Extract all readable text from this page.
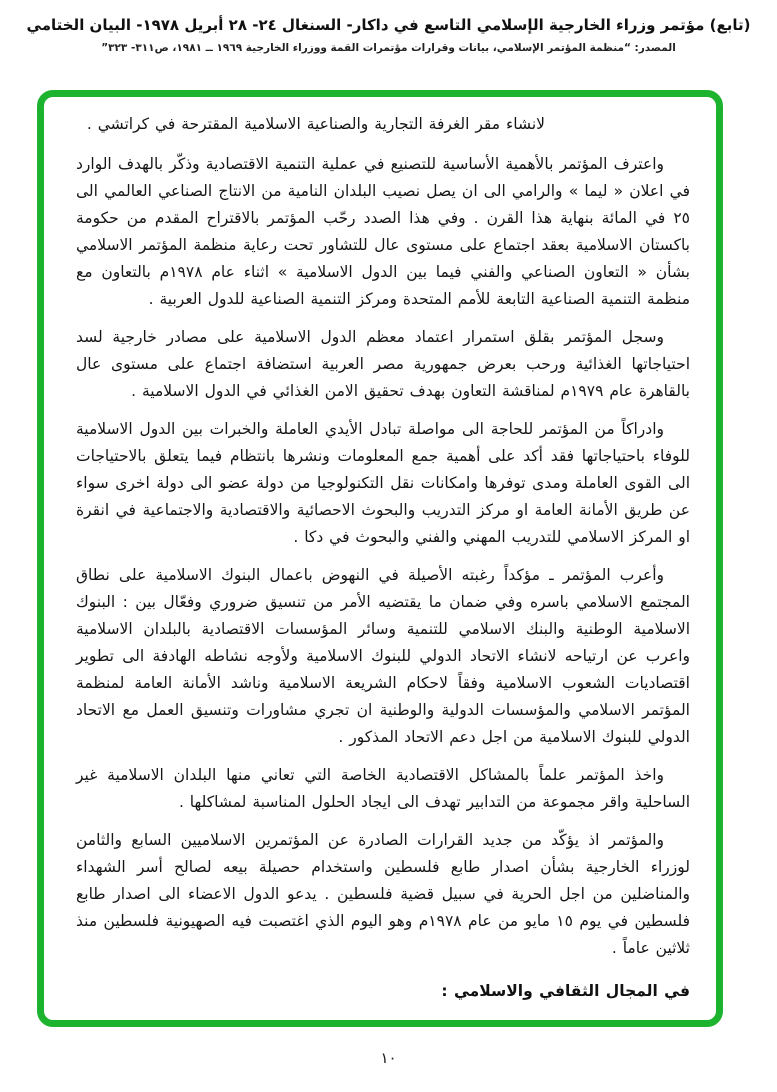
(تابع) مؤتمر وزراء الخارجية الإسلامي التاسع في داكار- السنغال ٢٤- ٢٨ أبريل ١٩٧٨- البيان الختامي
المصدر: “منظمة المؤتمر الإسلامي، بيانات وقرارات مؤتمرات القمة ووزراء الخارجية ١٩٦٩ ــ ١٩٨١، ص٣١١- ٣٢٣”

لانشاء مقر الغرفة التجارية والصناعية الاسلامية المقترحة في كراتشي .

واعترف المؤتمر بالأهمية الأساسية للتصنيع في عملية التنمية الاقتصادية وذكّر بالهدف الوارد في اعلان « ليما » والرامي الى ان يصل نصيب البلدان النامية من الانتاج الصناعي العالمي الى ٢٥ في المائة بنهاية هذا القرن . وفي هذا الصدد رحّب المؤتمر بالاقتراح المقدم من حكومة باكستان الاسلامية بعقد اجتماع على مستوى عال للتشاور تحت رعاية منظمة المؤتمر الاسلامي بشأن « التعاون الصناعي والفني فيما بين الدول الاسلامية » اثناء عام ١٩٧٨م بالتعاون مع منظمة التنمية الصناعية التابعة للأمم المتحدة ومركز التنمية الصناعية للدول العربية .

وسجل المؤتمر بقلق استمرار اعتماد معظم الدول الاسلامية على مصادر خارجية لسد احتياجاتها الغذائية ورحب بعرض جمهورية مصر العربية استضافة اجتماع على مستوى عال بالقاهرة عام ١٩٧٩م لمناقشة التعاون بهدف تحقيق الامن الغذائي في الدول الاسلامية .

وادراكاً من المؤتمر للحاجة الى مواصلة تبادل الأيدي العاملة والخبرات بين الدول الاسلامية للوفاء باحتياجاتها فقد أكد على أهمية جمع المعلومات ونشرها بانتظام فيما يتعلق بالاحتياجات الى القوى العاملة ومدى توفرها وامكانات نقل التكنولوجيا من دولة عضو الى دولة اخرى سواء عن طريق الأمانة العامة او مركز التدريب والبحوث الاحصائية والاقتصادية والاجتماعية في انقرة او المركز الاسلامي للتدريب المهني والفني والبحوث في دكا .

وأعرب المؤتمر ـ مؤكداً رغبته الأصيلة في النهوض باعمال البنوك الاسلامية على نطاق المجتمع الاسلامي باسره وفي ضمان ما يقتضيه الأمر من تنسيق ضروري وفعّال بين : البنوك الاسلامية الوطنية والبنك الاسلامي للتنمية وسائر المؤسسات الاقتصادية بالبلدان الاسلامية واعرب عن ارتياحه لانشاء الاتحاد الدولي للبنوك الاسلامية ولأوجه نشاطه الهادفة الى تطوير اقتصاديات الشعوب الاسلامية وفقاً لاحكام الشريعة الاسلامية وناشد الأمانة العامة لمنظمة المؤتمر الاسلامي والمؤسسات الدولية والوطنية ان تجري مشاورات وتنسيق العمل مع الاتحاد الدولي للبنوك الاسلامية من اجل دعم الاتحاد المذكور .

واخذ المؤتمر علماً بالمشاكل الاقتصادية الخاصة التي تعاني منها البلدان الاسلامية غير الساحلية واقر مجموعة من التدابير تهدف الى ايجاد الحلول المناسبة لمشاكلها .

والمؤتمر اذ يؤكّد من جديد القرارات الصادرة عن المؤتمرين الاسلاميين السابع والثامن لوزراء الخارجية بشأن اصدار طابع فلسطين واستخدام حصيلة بيعه لصالح أسر الشهداء والمناضلين من اجل الحرية في سبيل قضية فلسطين . يدعو الدول الاعضاء الى اصدار طابع فلسطين في يوم ١٥ مايو من عام ١٩٧٨م وهو اليوم الذي اغتصبت فيه الصهيونية فلسطين منذ ثلاثين عاماً .

في المجال الثقافي والاسلامي :

١٠
